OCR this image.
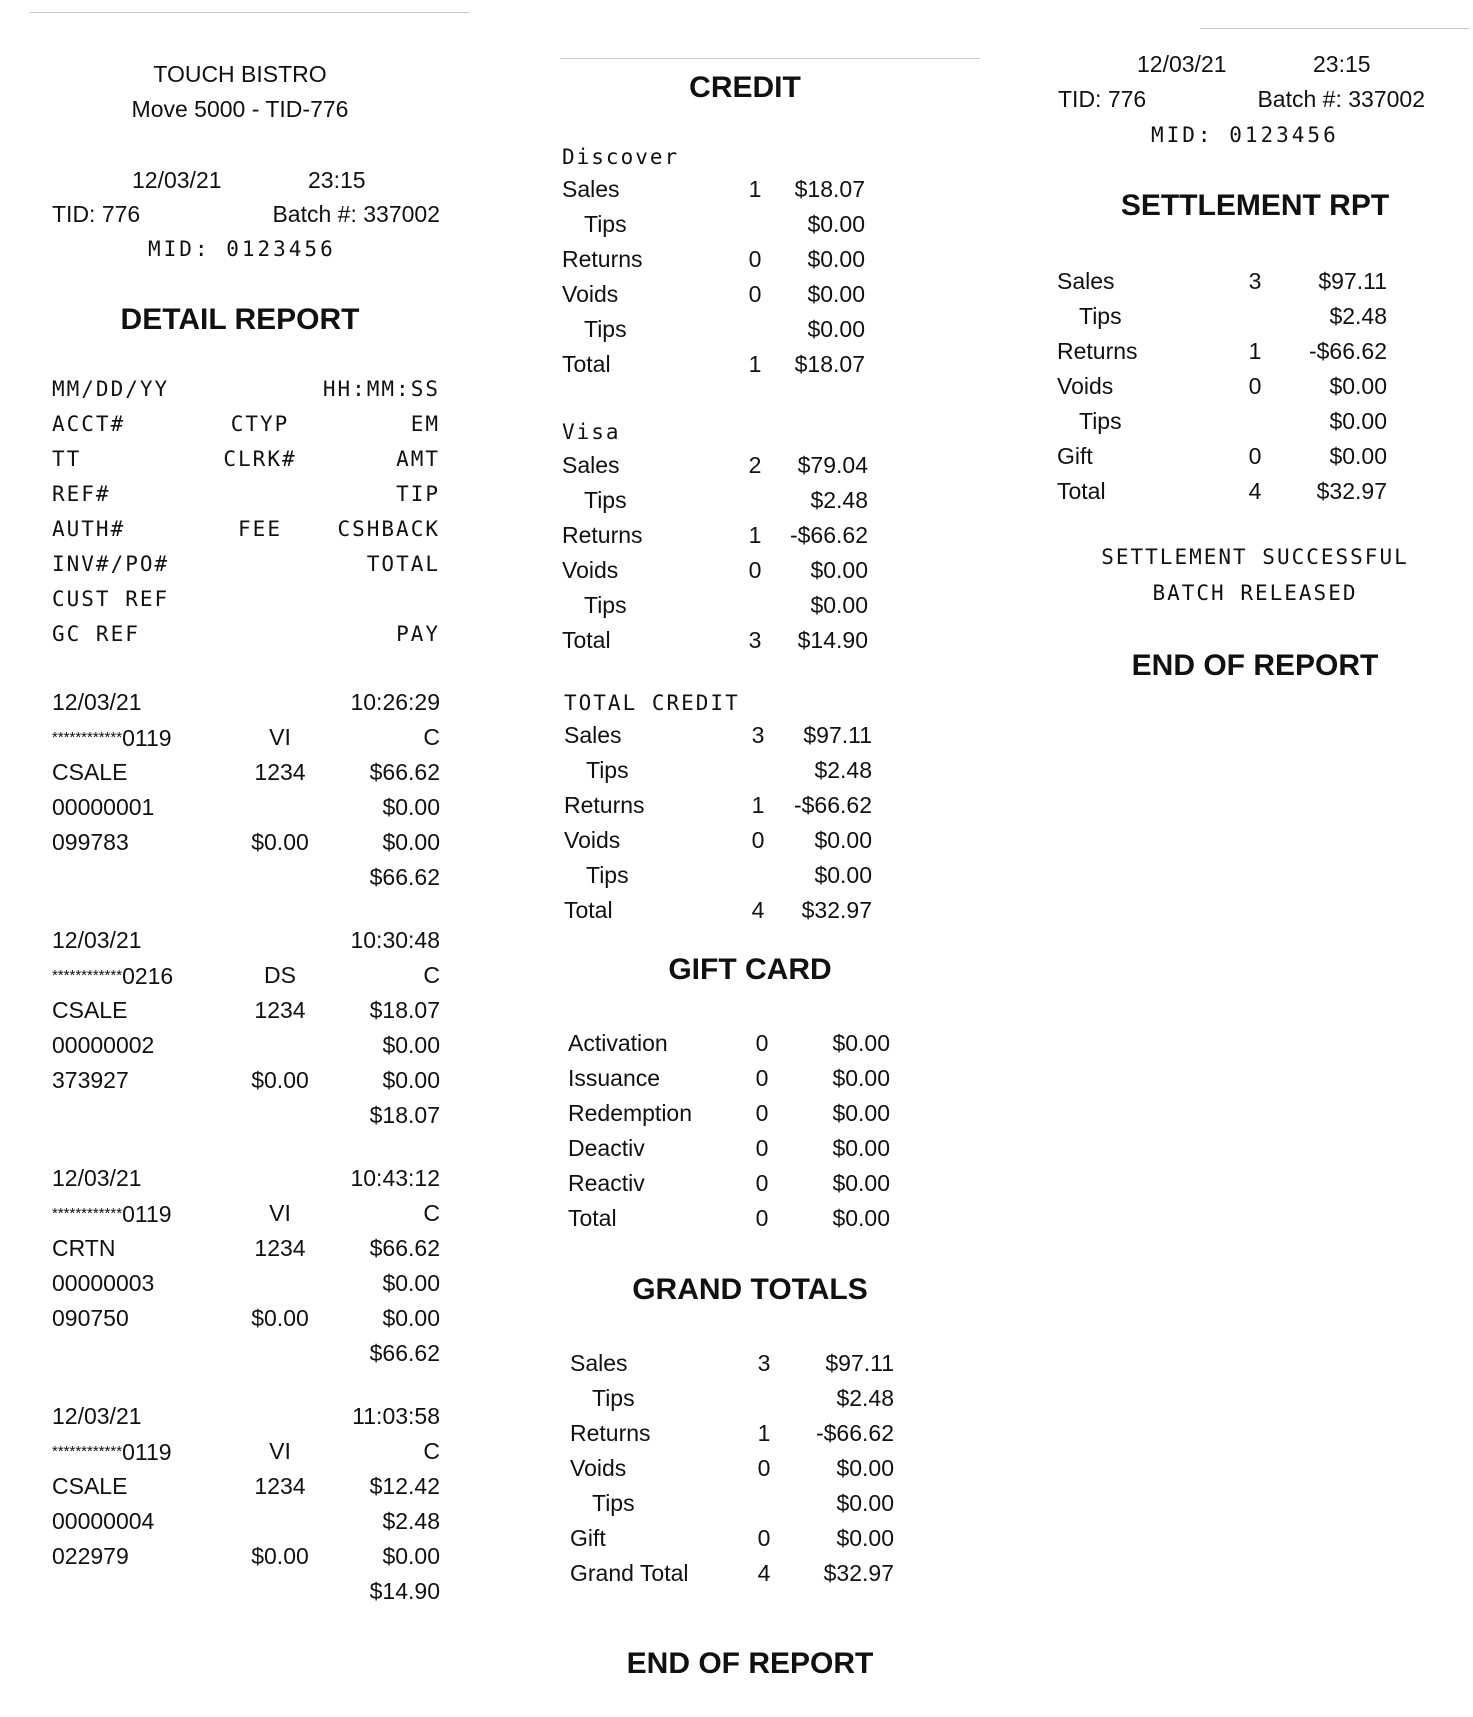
TOUCH BISTRO
Move 5000 - TID-776
12/03/21	23:15
TID: 776	Batch #: 337002
MID: 0123456
DETAIL REPORT
MM/DD/YY	HH:MM:SS
ACCT#	CTYP	EM
TT	CLRK#	AMT
REF#	TIP
AUTH#	FEE	CSHBACK
INV#/PO#	TOTAL
CUST REF
GC REF	PAY
12/03/21	10:26:29
************0119	VI	C
CSALE	1234	$66.62
00000001	$0.00
099783	$0.00	$0.00
$66.62
12/03/21	10:30:48
************0216	DS	C
CSALE	1234	$18.07
00000002	$0.00
373927	$0.00	$0.00
$18.07
12/03/21	10:43:12
************0119	VI	C
CRTN	1234	$66.62
00000003	$0.00
090750	$0.00	$0.00
$66.62
12/03/21	11:03:58
************0119	VI	C
CSALE	1234	$12.42
00000004	$2.48
022979	$0.00	$0.00
$14.90
CREDIT
Discover
Sales	1	$18.07
Tips	$0.00
Returns	0	$0.00
Voids	0	$0.00
Tips	$0.00
Total	1	$18.07
Visa
Sales	2	$79.04
Tips	$2.48
Returns	1	-$66.62
Voids	0	$0.00
Tips	$0.00
Total	3	$14.90
TOTAL CREDIT
Sales	3	$97.11
Tips	$2.48
Returns	1	-$66.62
Voids	0	$0.00
Tips	$0.00
Total	4	$32.97
GIFT CARD
Activation	0	$0.00
Issuance	0	$0.00
Redemption	0	$0.00
Deactiv	0	$0.00
Reactiv	0	$0.00
Total	0	$0.00
GRAND TOTALS
Sales	3	$97.11
Tips	$2.48
Returns	1	-$66.62
Voids	0	$0.00
Tips	$0.00
Gift	0	$0.00
Grand Total	4	$32.97
END OF REPORT
12/03/21	23:15
TID: 776	Batch #: 337002
MID: 0123456
SETTLEMENT RPT
Sales	3	$97.11
Tips	$2.48
Returns	1	-$66.62
Voids	0	$0.00
Tips	$0.00
Gift	0	$0.00
Total	4	$32.97
SETTLEMENT SUCCESSFUL
BATCH RELEASED
END OF REPORT
